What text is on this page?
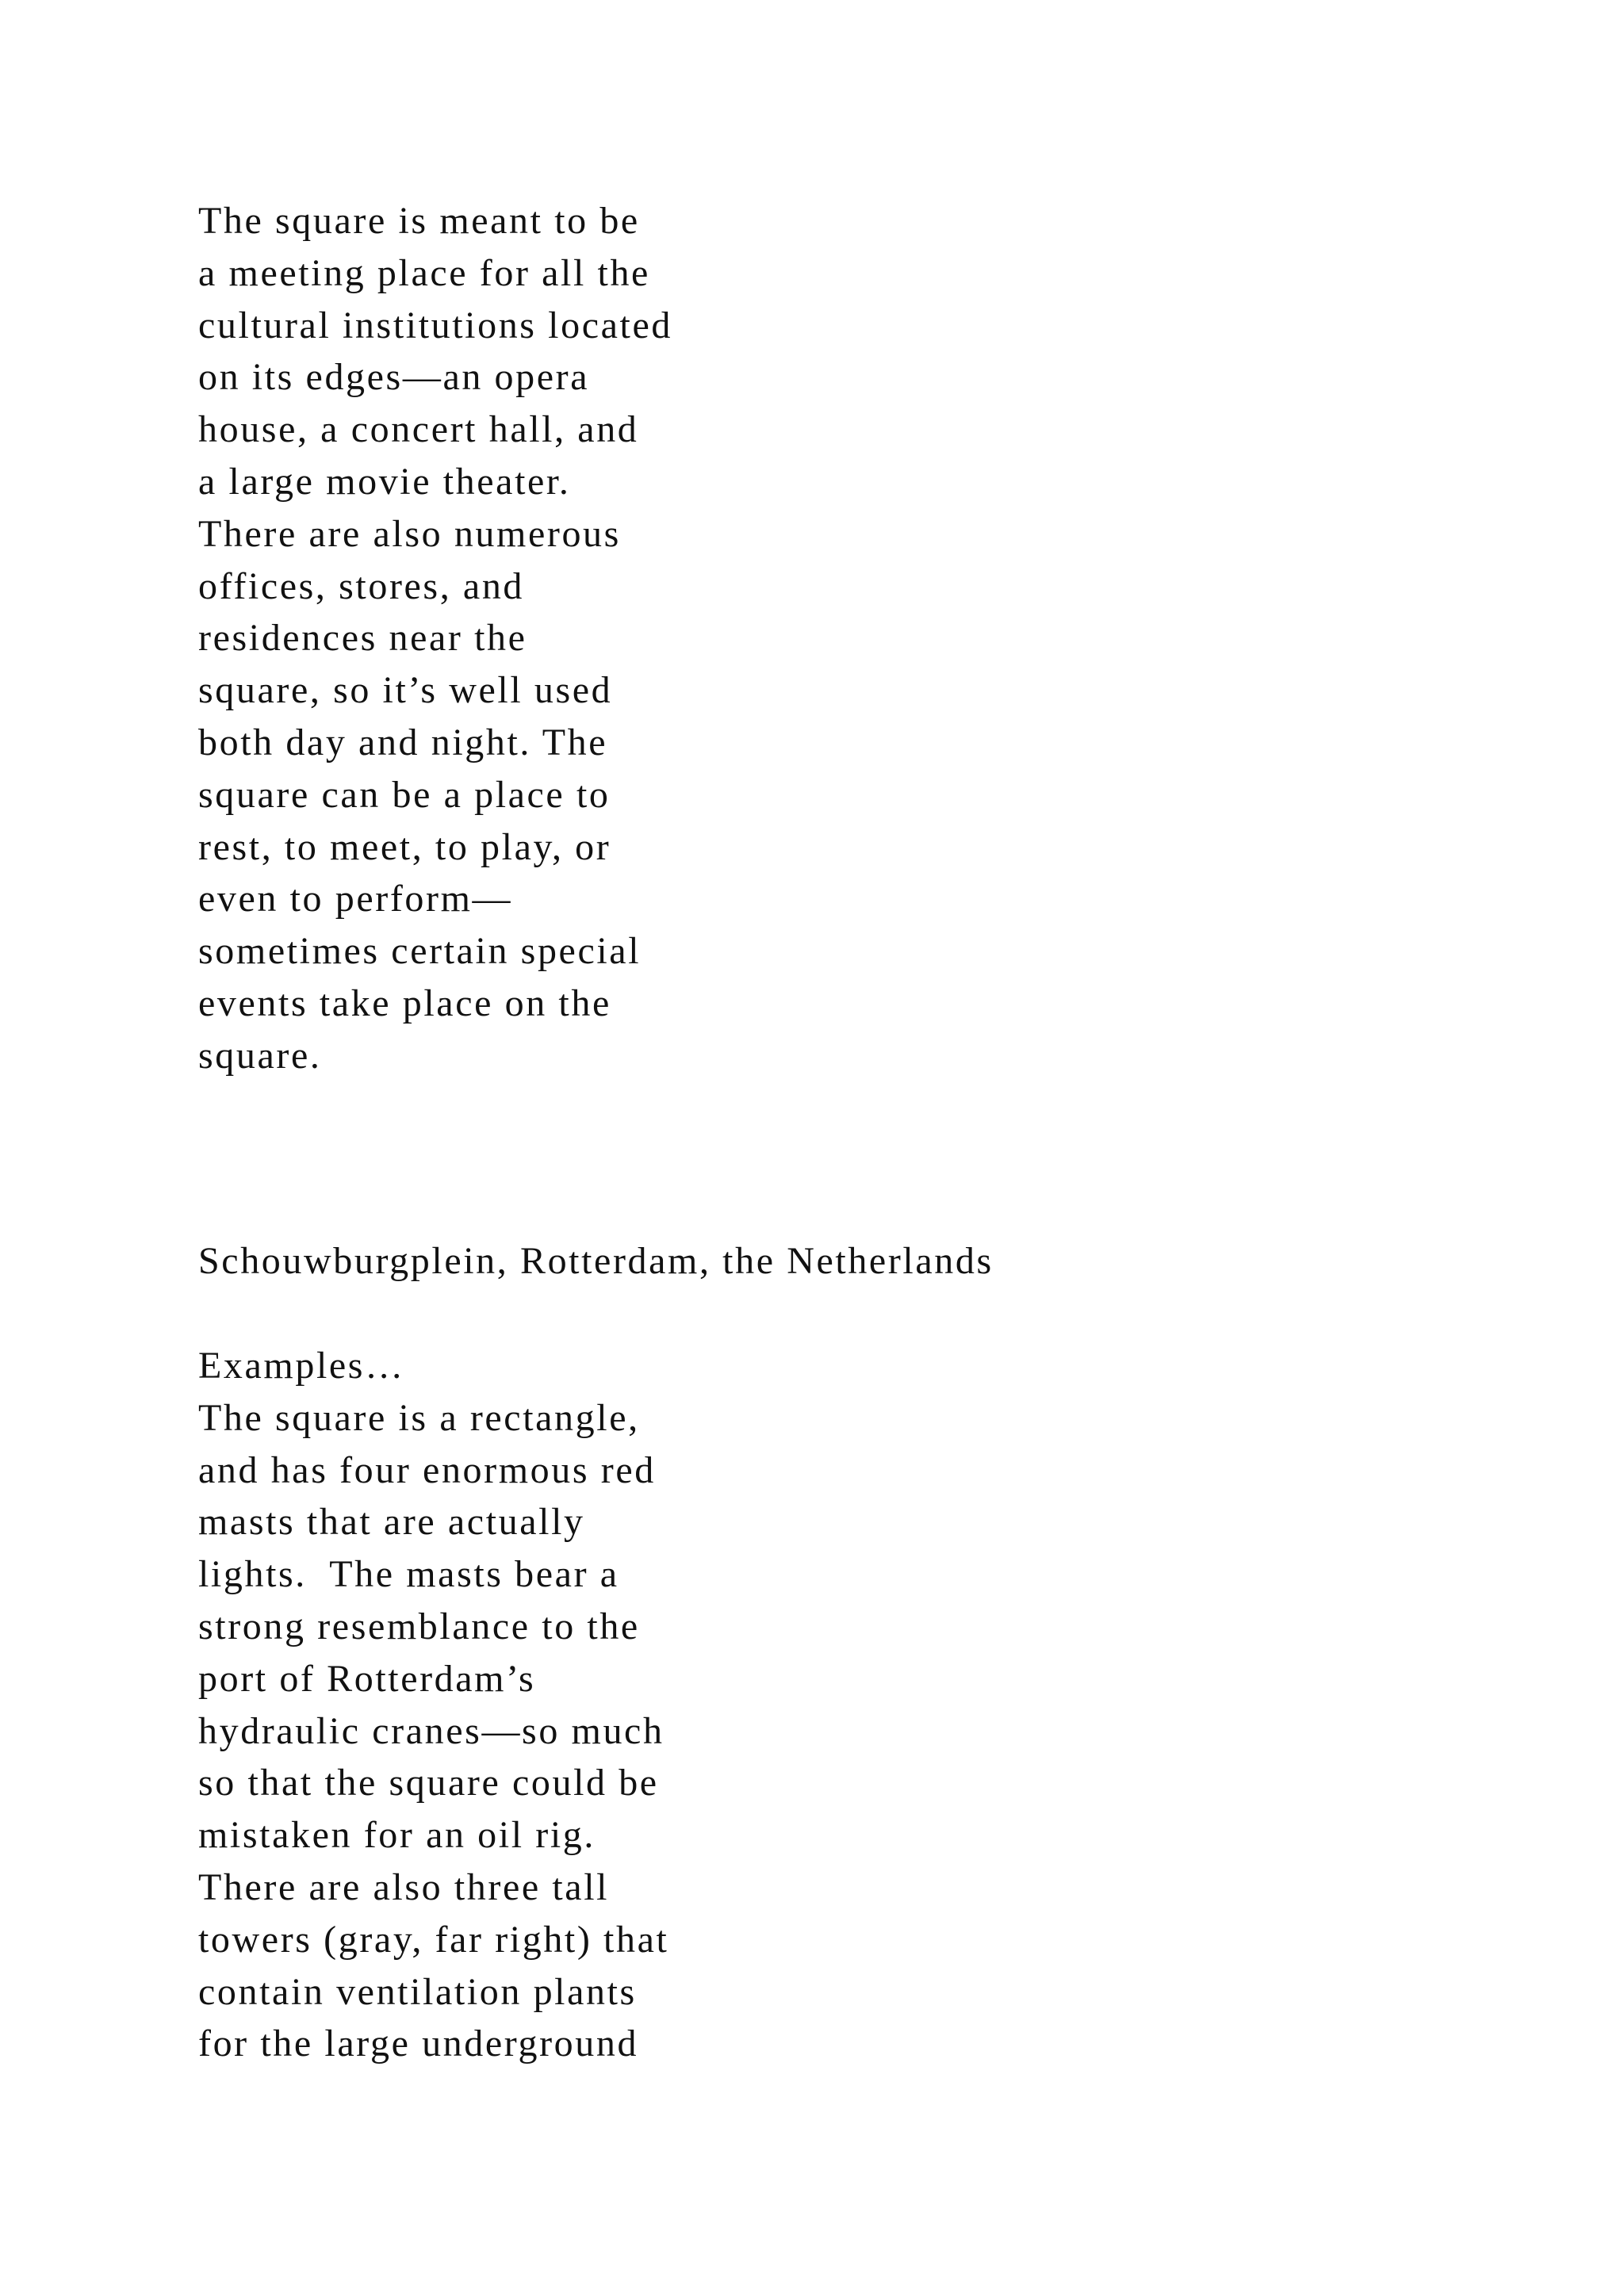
The square is meant to be
a meeting place for all the
cultural institutions located
on its edges—an opera
house, a concert hall, and
a large movie theater.
There are also numerous
offices, stores, and
residences near the
square, so it’s well used
both day and night. The
square can be a place to
rest, to meet, to play, or
even to perform—
sometimes certain special
events take place on the
square.
Schouwburgplein, Rotterdam, the Netherlands
Examples…
The square is a rectangle,
and has four enormous red
masts that are actually
lights.  The masts bear a
strong resemblance to the
port of Rotterdam’s
hydraulic cranes—so much
so that the square could be
mistaken for an oil rig.
There are also three tall
towers (gray, far right) that
contain ventilation plants
for the large underground
